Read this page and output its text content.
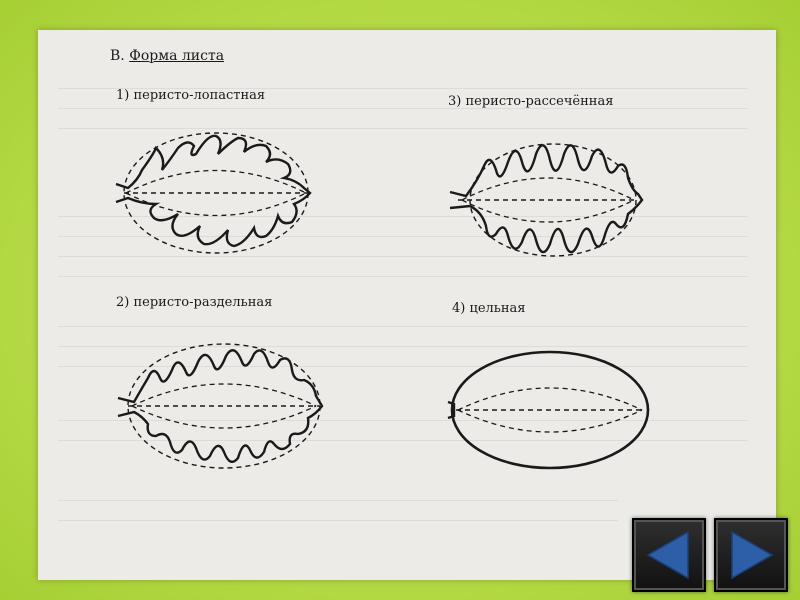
В. Форма листа
1) перисто-лопастная	3) перисто-рассечённая
2) перисто-раздельная	4) цельная
